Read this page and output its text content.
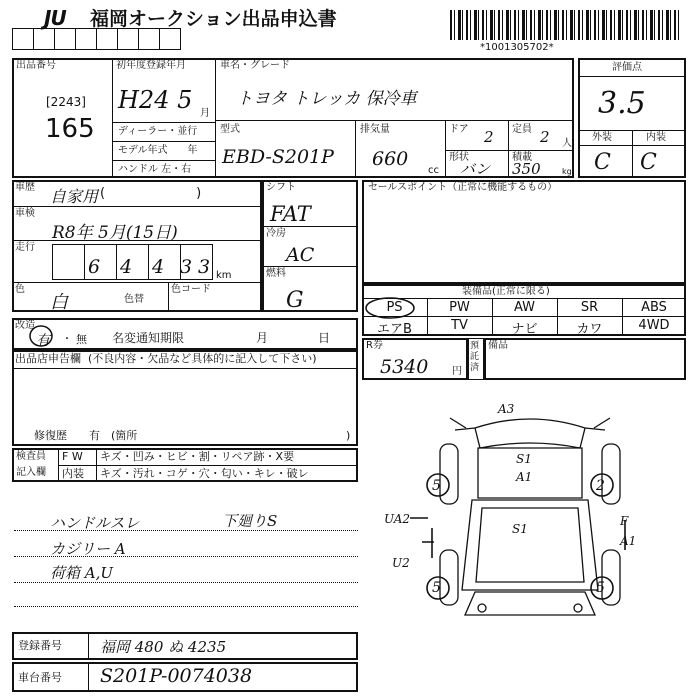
JU 福岡オークション出品申込書
*1001305702*
出品番号
[2243]
165
初年度登録年月
H24 5 月
ディーラー・並行
モデル年式　　年
ハンドル 左・右
車名・グレード
トヨタ トレッカ 保冷車
型式
EBD-S201P
排気量
660
cc
ドア 2 定員 2 人
形状
バン
積載
350	kg
評価点
3.5
外装	内装
C C
車歴 自家用 (　　　　　　　)
車検
R8年 5月(15日)
走行
6 4 4 3 3 km
色
白	色替
色コード
シフト
FAT
冷房
AC
燃料
G
セールスポイント（正常に機能するもの）
装備品(正常に限る)
PS	PW	AW	SR	ABS
エアB	TV	ナビ	カワ	4WD
R券
5340 円
預託済
備品
改造
有 ・ 無 名変通知期限	月	日
出品店申告欄 (不良内容・欠品など具体的に記入して下さい)
修復歴　　有　(箇所	)
検査員
記入欄
F W キズ・凹み・ヒビ・割・リペア跡・X要
内装 キズ・汚れ・コゲ・穴・匂い・キレ・破レ
ハンドルスレ	下廻りS
カジリー A
荷箱 A,U
A3
S1
A1
S1
UA2
U2
F
A1
5	2
5	5
登録番号	福岡 480 ぬ 4235
車台番号 S201P-0074038
